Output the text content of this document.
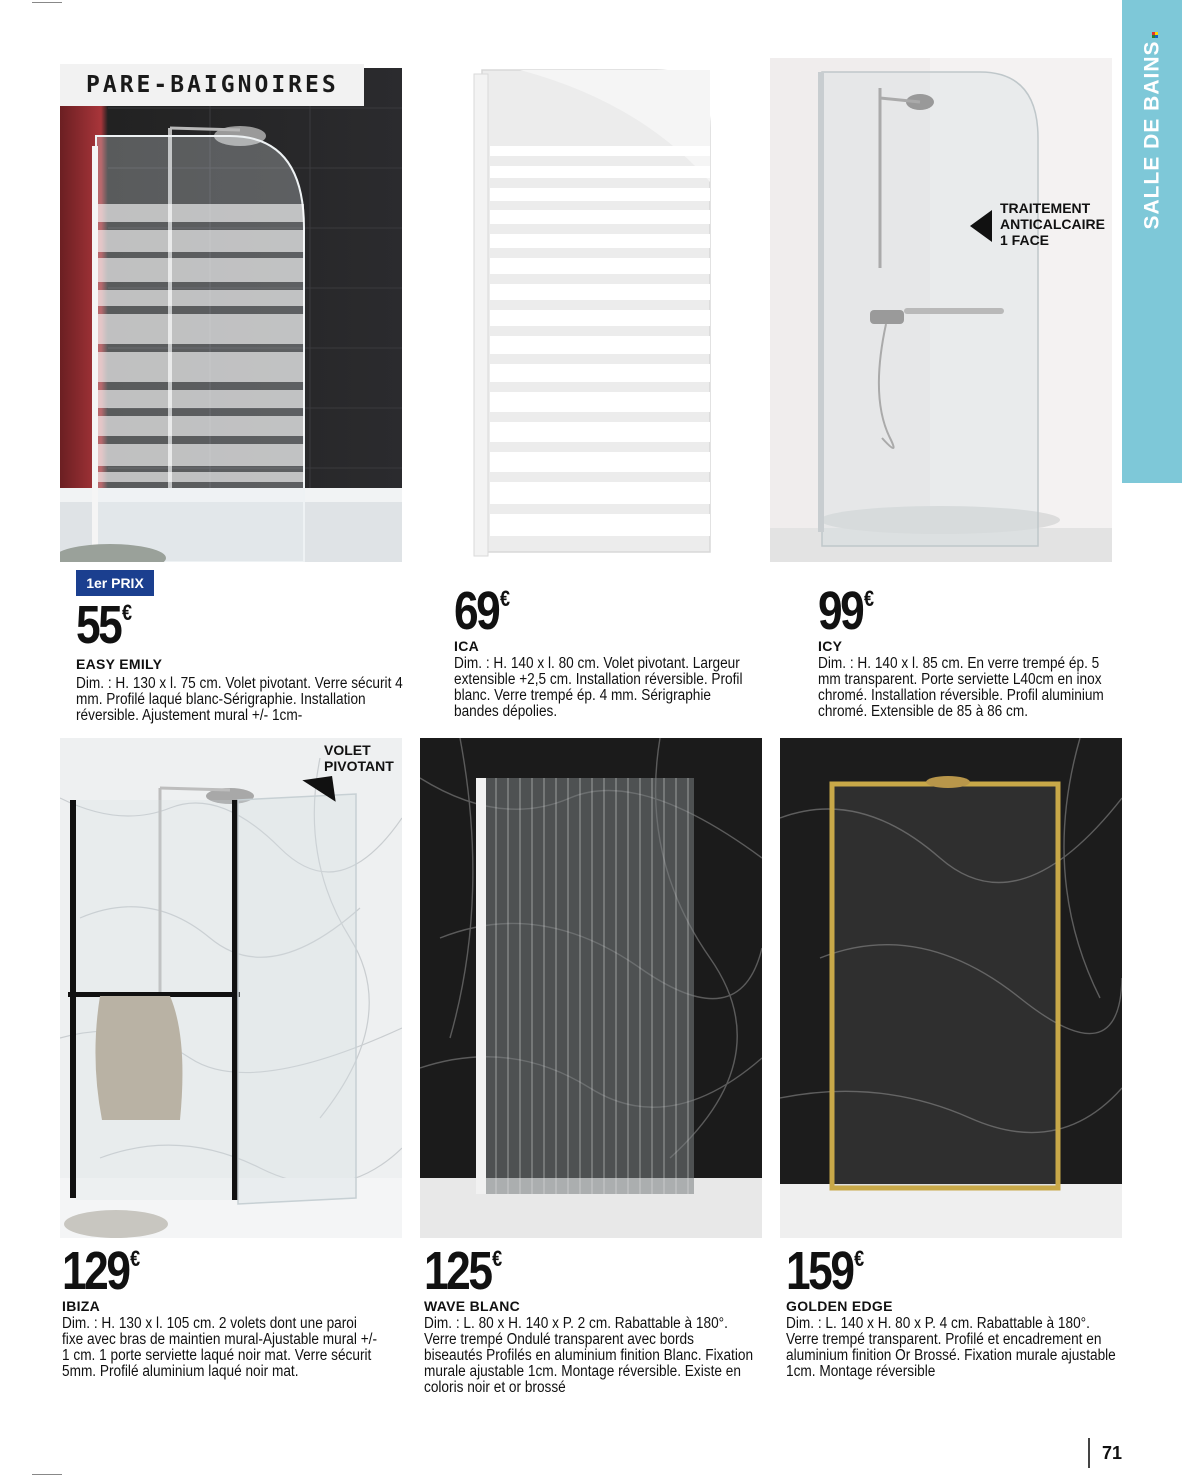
SALLE DE BAINS
PARE-BAIGNOIRES
TRAITEMENT
ANTICALCAIRE
1 FACE
1er PRIX
55€
EASY EMILY
Dim. : H. 130 x l. 75 cm. Volet pivotant. Verre sécurit 4 mm. Profilé laqué blanc-Sérigraphie. Installation réversible. Ajustement mural +/- 1cm-
69€
ICA
Dim. : H. 140 x l. 80 cm. Volet pivotant. Largeur extensible +2,5 cm. Installation réversible. Profil blanc. Verre trempé ép. 4 mm. Sérigraphie bandes dépolies.
99€
ICY
Dim. : H. 140 x l. 85 cm. En verre trempé ép. 5 mm transparent. Porte serviette L40cm en inox chromé. Installation réversible. Profil aluminium chromé. Extensible de 85 à 86 cm.
VOLET
PIVOTANT
129€
IBIZA
Dim. : H. 130 x l. 105 cm. 2 volets dont une paroi fixe avec bras de maintien mural-Ajustable mural +/- 1 cm. 1 porte serviette laqué noir mat. Verre sécurit 5mm. Profilé aluminium laqué noir mat.
125€
WAVE BLANC
Dim. : L. 80 x H. 140 x P. 2 cm. Rabattable à 180°. Verre trempé Ondulé transparent avec bords biseautés Profilés en aluminium finition Blanc. Fixation murale ajustable 1cm. Montage réversible. Existe en coloris noir et or brossé
159€
GOLDEN EDGE
Dim. : L. 140 x H. 80 x P. 4 cm. Rabattable à 180°. Verre trempé transparent. Profilé et encadrement en aluminium finition Or Brossé. Fixation murale ajustable 1cm. Montage réversible
71
